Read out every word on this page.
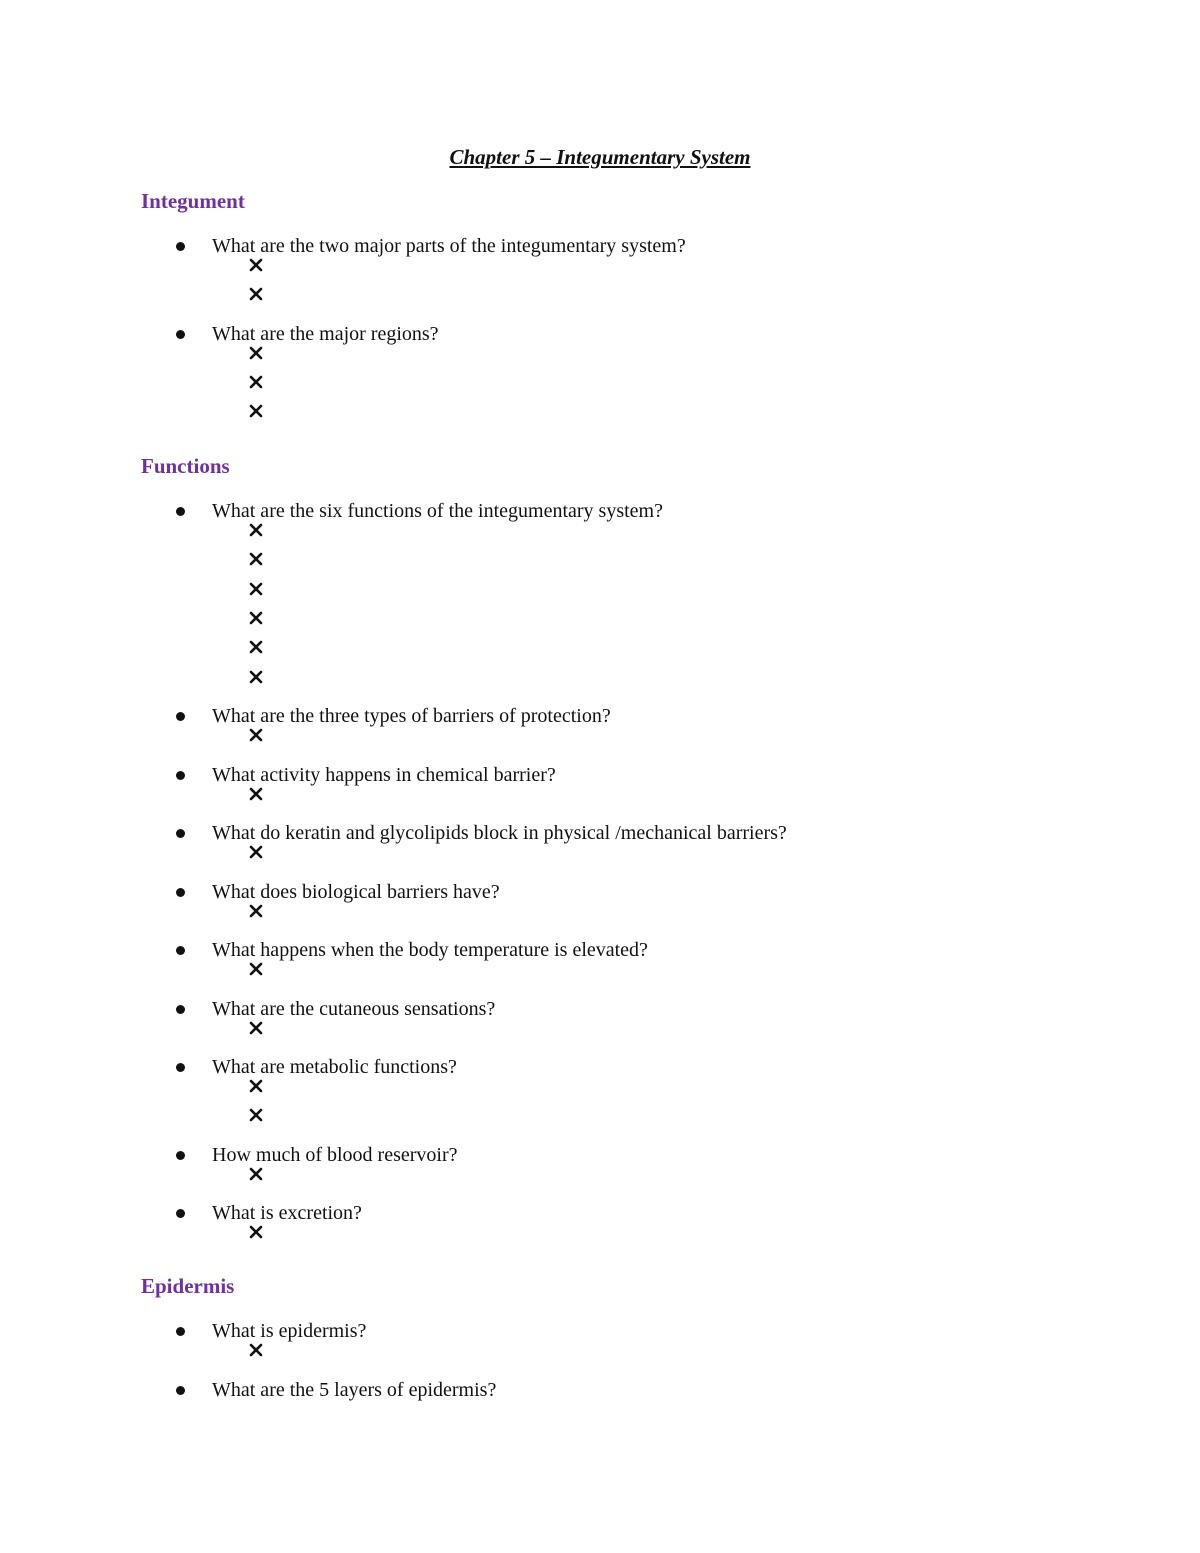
Chapter 5 – Integumentary System
Integument
What are the two major parts of the integumentary system?
What are the major regions?
Functions
What are the six functions of the integumentary system?
What are the three types of barriers of protection?
What activity happens in chemical barrier?
What do keratin and glycolipids block in physical /mechanical barriers?
What does biological barriers have?
What happens when the body temperature is elevated?
What are the cutaneous sensations?
What are metabolic functions?
How much of blood reservoir?
What is excretion?
Epidermis
What is epidermis?
What are the 5 layers of epidermis?
